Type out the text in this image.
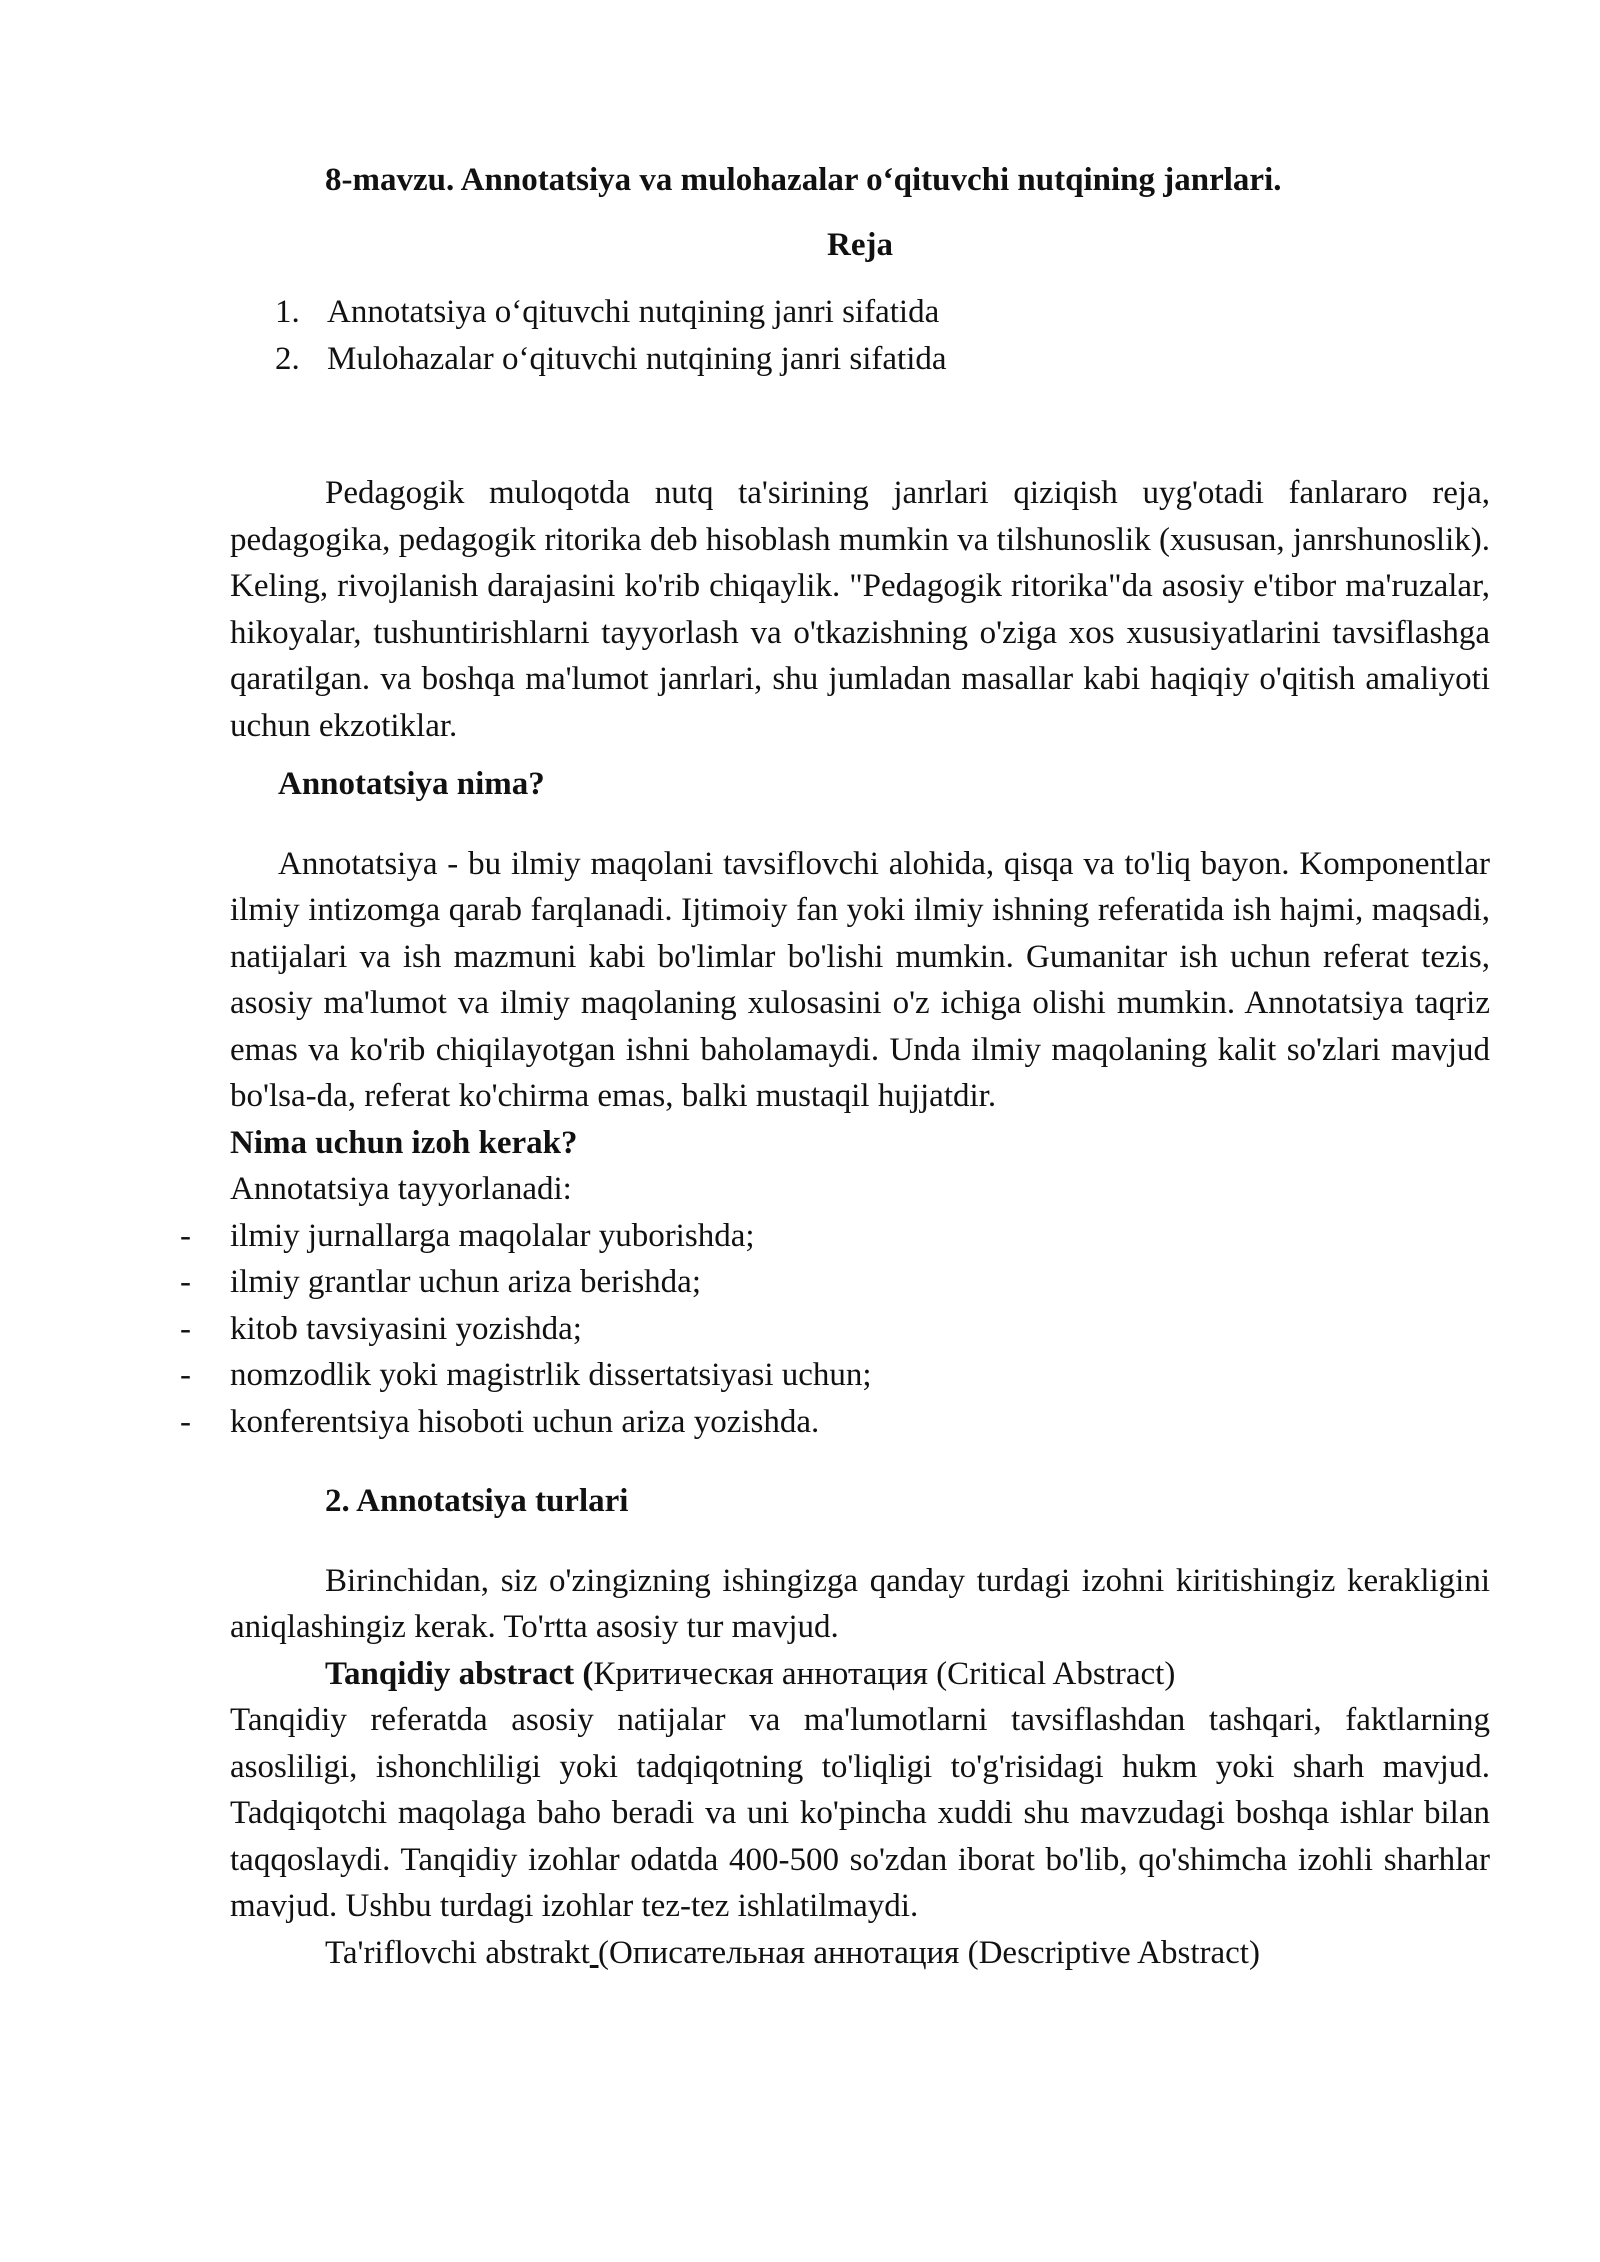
8-mavzu. Annotatsiya va mulohazalar o‘qituvchi nutqining janrlari.

Reja

1. Annotatsiya o‘qituvchi nutqining janri sifatida
2. Mulohazalar o‘qituvchi nutqining janri sifatida

Pedagogik muloqotda nutq ta'sirining janrlari qiziqish uyg'otadi fanlararo reja, pedagogika, pedagogik ritorika deb hisoblash mumkin va tilshunoslik (xususan, janrshunoslik). Keling, rivojlanish darajasini ko'rib chiqaylik. "Pedagogik ritorika"da asosiy e'tibor ma'ruzalar, hikoyalar, tushuntirishlarni tayyorlash va o'tkazishning o'ziga xos xususiyatlarini tavsiflashga qaratilgan. va boshqa ma'lumot janrlari, shu jumladan masallar kabi haqiqiy o'qitish amaliyoti uchun ekzotiklar.

Annotatsiya nima?

Annotatsiya - bu ilmiy maqolani tavsiflovchi alohida, qisqa va to'liq bayon. Komponentlar ilmiy intizomga qarab farqlanadi. Ijtimoiy fan yoki ilmiy ishning referatida ish hajmi, maqsadi, natijalari va ish mazmuni kabi bo'limlar bo'lishi mumkin. Gumanitar ish uchun referat tezis, asosiy ma'lumot va ilmiy maqolaning xulosasini o'z ichiga olishi mumkin. Annotatsiya taqriz emas va ko'rib chiqilayotgan ishni baholamaydi. Unda ilmiy maqolaning kalit so'zlari mavjud bo'lsa-da, referat ko'chirma emas, balki mustaqil hujjatdir.

Nima uchun izoh kerak?

Annotatsiya tayyorlanadi:

- ilmiy jurnallarga maqolalar yuborishda;
- ilmiy grantlar uchun ariza berishda;
- kitob tavsiyasini yozishda;
- nomzodlik yoki magistrlik dissertatsiyasi uchun;
- konferentsiya hisoboti uchun ariza yozishda.

2. Annotatsiya turlari

Birinchidan, siz o'zingizning ishingizga qanday turdagi izohni kiritishingiz kerakligini aniqlashingiz kerak. To'rtta asosiy tur mavjud.

Tanqidiy abstract (Критическая аннотация (Critical Abstract)

Tanqidiy referatda asosiy natijalar va ma'lumotlarni tavsiflashdan tashqari, faktlarning asosliligi, ishonchliligi yoki tadqiqotning to'liqligi to'g'risidagi hukm yoki sharh mavjud. Tadqiqotchi maqolaga baho beradi va uni ko'pincha xuddi shu mavzudagi boshqa ishlar bilan taqqoslaydi. Tanqidiy izohlar odatda 400-500 so'zdan iborat bo'lib, qo'shimcha izohli sharhlar mavjud. Ushbu turdagi izohlar tez-tez ishlatilmaydi.

Ta'riflovchi abstrakt (Описательная аннотация (Descriptive Abstract)
